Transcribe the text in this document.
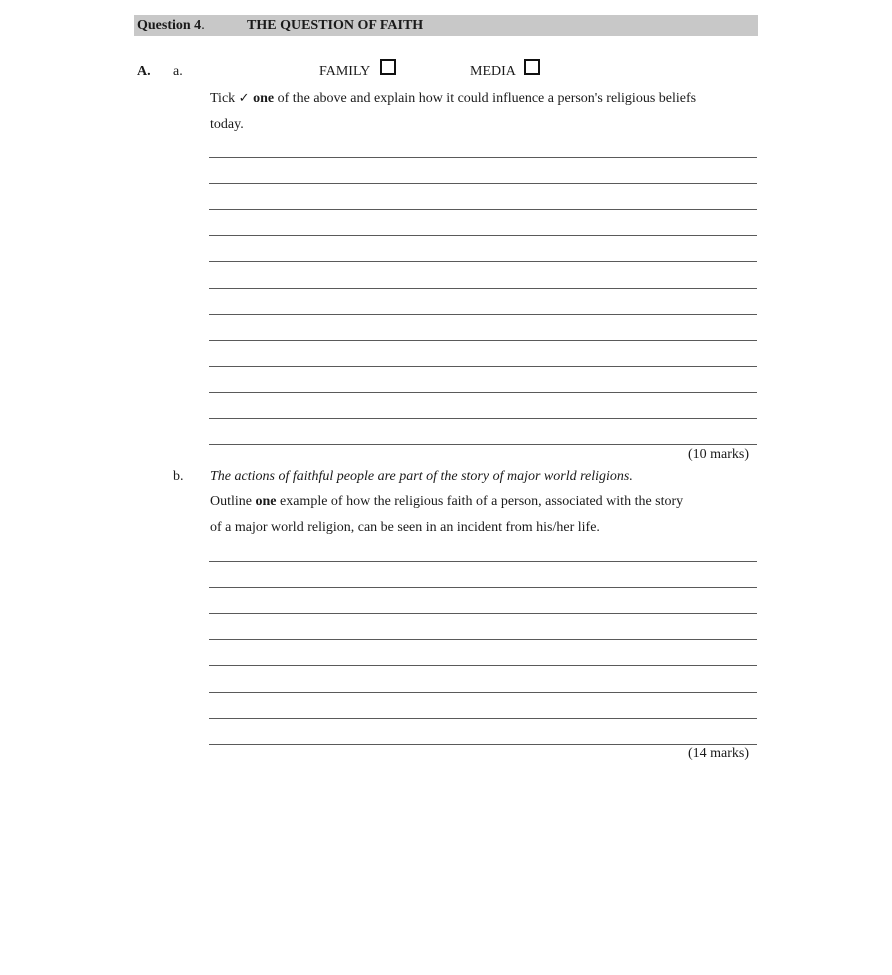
Question 4.	THE QUESTION OF FAITH
A. a.	FAMILY	MEDIA
Tick ✓ one of the above and explain how it could influence a person's religious beliefs
today.
(10 marks)
b. The actions of faithful people are part of the story of major world religions.
Outline one example of how the religious faith of a person, associated with the story
of a major world religion, can be seen in an incident from his/her life.
(14 marks)
